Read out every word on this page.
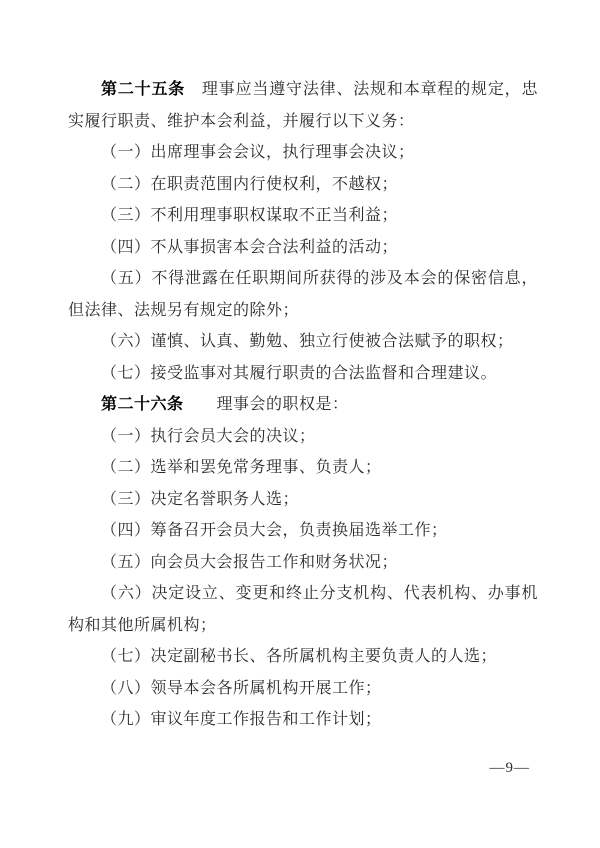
第二十五条　理事应当遵守法律、法规和本章程的规定，忠实履行职责、维护本会利益，并履行以下义务：

（一）出席理事会会议，执行理事会决议；

（二）在职责范围内行使权利，不越权；

（三）不利用理事职权谋取不正当利益；

（四）不从事损害本会合法利益的活动；

（五）不得泄露在任职期间所获得的涉及本会的保密信息，但法律、法规另有规定的除外；

（六）谨慎、认真、勤勉、独立行使被合法赋予的职权；

（七）接受监事对其履行职责的合法监督和合理建议。

第二十六条　　理事会的职权是：

（一）执行会员大会的决议；

（二）选举和罢免常务理事、负责人；

（三）决定名誉职务人选；

（四）筹备召开会员大会，负责换届选举工作；

（五）向会员大会报告工作和财务状况；

（六）决定设立、变更和终止分支机构、代表机构、办事机构和其他所属机构；

（七）决定副秘书长、各所属机构主要负责人的人选；

（八）领导本会各所属机构开展工作；

（九）审议年度工作报告和工作计划；

—9—
